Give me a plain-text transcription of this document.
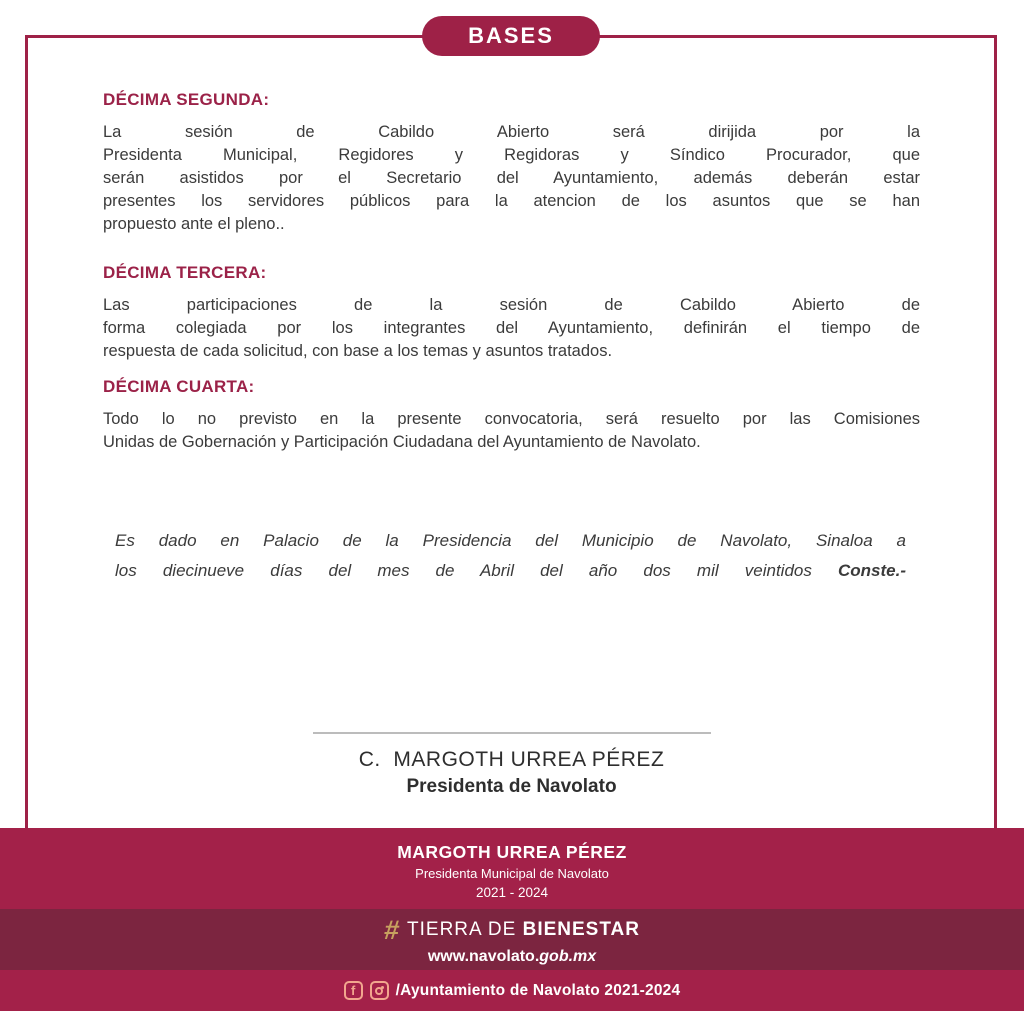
BASES
DÉCIMA SEGUNDA:
La sesión de Cabildo Abierto será dirijida por la
Presidenta Municipal, Regidores y Regidoras y Síndico Procurador, que
serán asistidos por el Secretario del Ayuntamiento, además deberán estar
presentes los servidores públicos para la atencion de los asuntos que se han
propuesto ante el pleno..
DÉCIMA TERCERA:
Las participaciones de la sesión de Cabildo Abierto de
forma colegiada por los integrantes del Ayuntamiento, definirán el tiempo de
respuesta de cada solicitud, con base a los temas y asuntos tratados.
DÉCIMA CUARTA:
Todo lo no previsto en la presente convocatoria, será resuelto por las Comisiones
Unidas de Gobernación y Participación Ciudadana del Ayuntamiento de Navolato.
Es dado en Palacio de la Presidencia del Municipio de Navolato, Sinaloa a
los diecinueve días del mes de Abril del año dos mil veintidos Conste.-
C.  MARGOTH URREA PÉREZ
Presidenta de Navolato
MARGOTH URREA PÉREZ
Presidenta Municipal de Navolato
2021 - 2024
# TIERRA DE BIENESTAR
www.navolato.gob.mx
f	/Ayuntamiento de Navolato 2021-2024
